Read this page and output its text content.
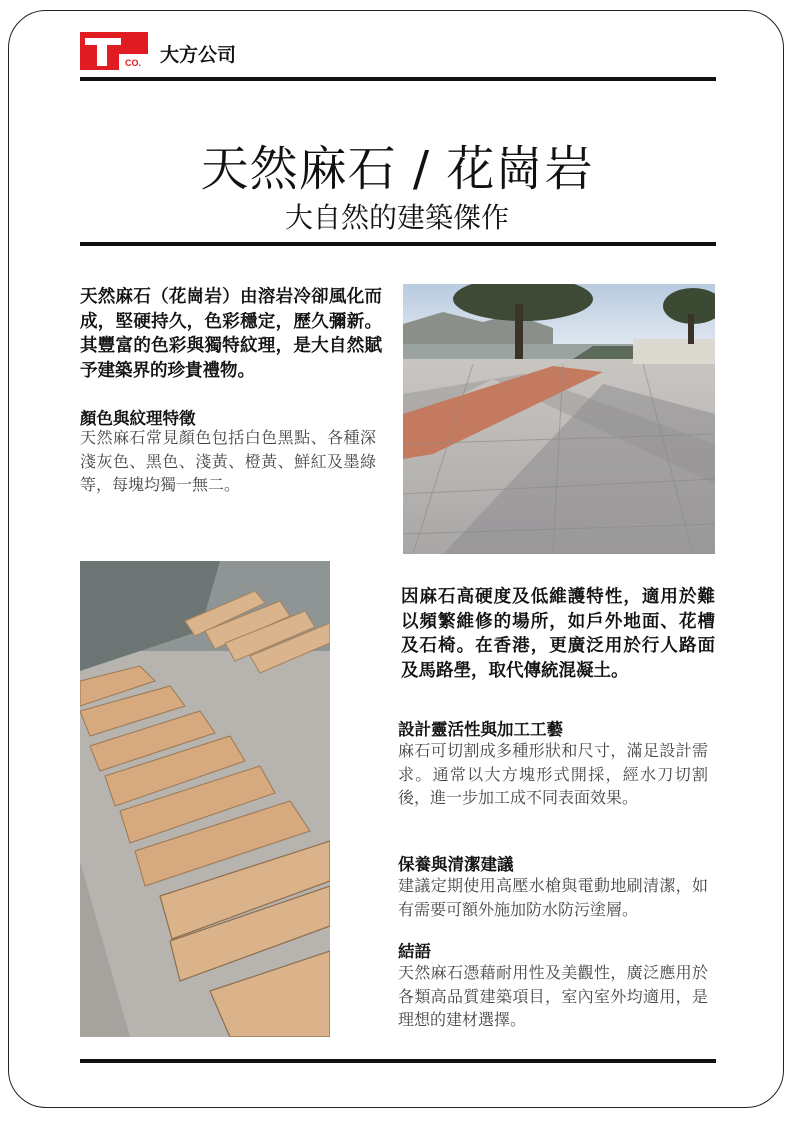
CO. 大方公司
天然麻石 / 花崗岩
大自然的建築傑作
天然麻石（花崗岩）由溶岩冷卻風化而成，堅硬持久，色彩穩定，歷久彌新。其豐富的色彩與獨特紋理，是大自然賦予建築界的珍貴禮物。
顏色與紋理特徵
天然麻石常見顏色包括白色黑點、各種深淺灰色、黑色、淺黃、橙黃、鮮紅及墨綠等，每塊均獨一無二。
因麻石高硬度及低維護特性，適用於難以頻繁維修的場所，如戶外地面、花槽及石椅。在香港，更廣泛用於行人路面及馬路壆，取代傳統混凝土。
設計靈活性與加工工藝
麻石可切割成多種形狀和尺寸，滿足設計需求。通常以大方塊形式開採，經水刀切割後，進一步加工成不同表面效果。
保養與清潔建議
建議定期使用高壓水槍與電動地刷清潔，如有需要可額外施加防水防污塗層。
結語
天然麻石憑藉耐用性及美觀性，廣泛應用於各類高品質建築項目，室內室外均適用，是理想的建材選擇。
